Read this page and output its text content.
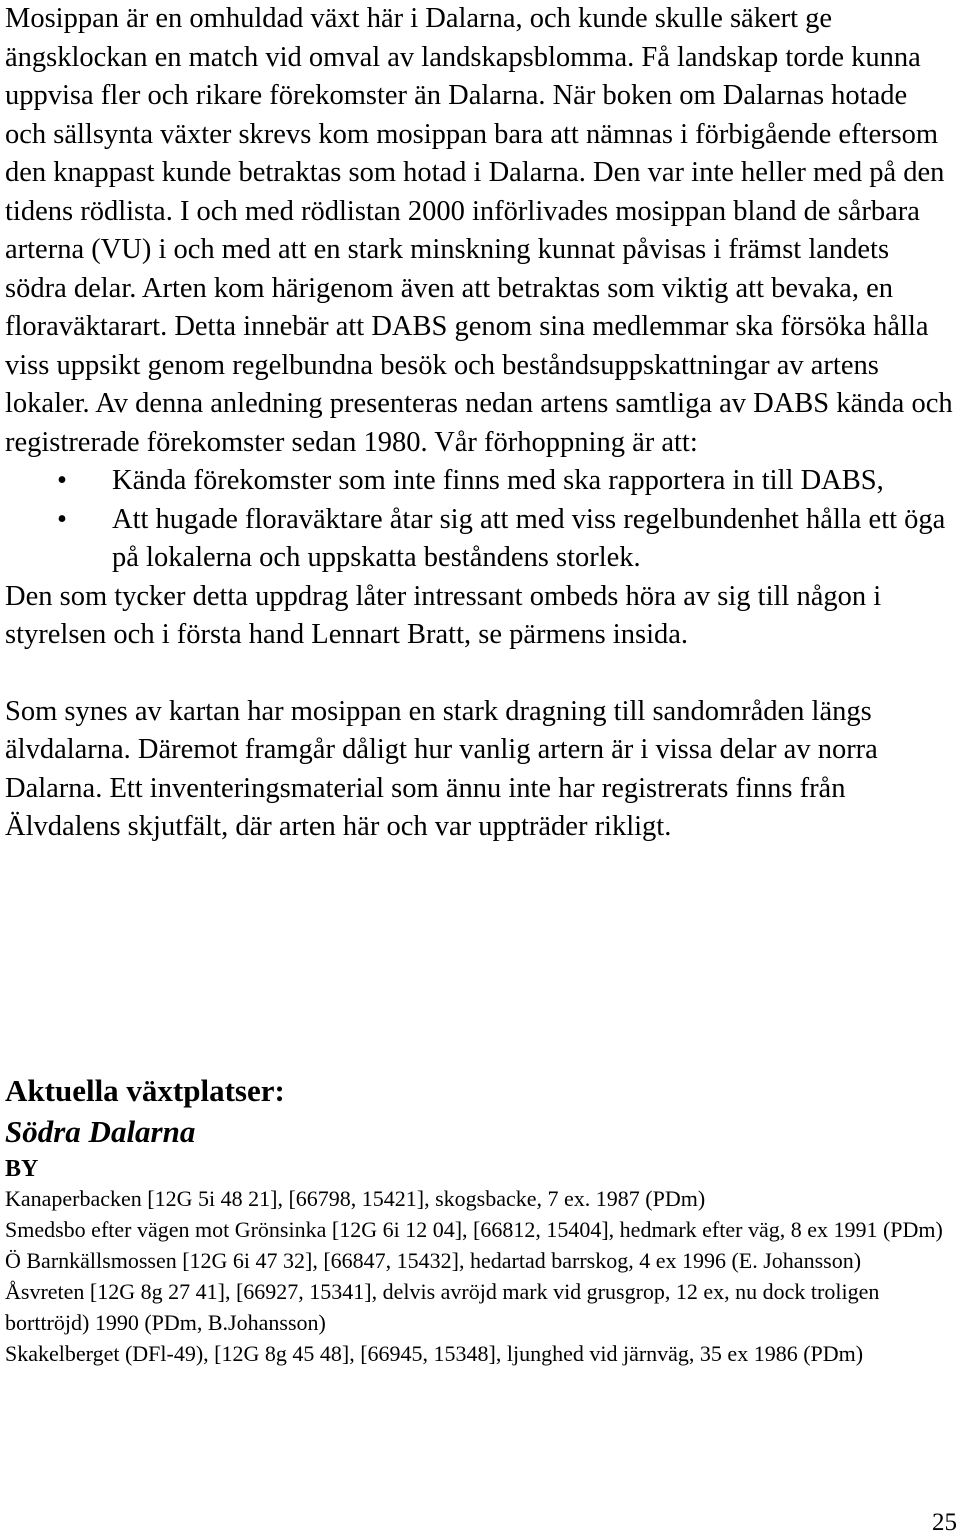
Mosippan är en omhuldad växt här i Dalarna, och kunde skulle säkert ge ängsklockan en match vid omval av landskapsblomma. Få landskap torde kunna uppvisa fler och rikare förekomster än Dalarna. När boken om Dalarnas hotade och sällsynta växter skrevs kom mosippan bara att nämnas i förbigående eftersom den knappast kunde betraktas som hotad i Dalarna. Den var inte heller med på den tidens rödlista. I och med rödlistan 2000 införlivades mosippan bland de sårbara arterna (VU) i och med att en stark minskning kunnat påvisas i främst landets södra delar. Arten kom härigenom även att betraktas som viktig att bevaka, en floraväktarart. Detta innebär att DABS genom sina medlemmar ska försöka hålla viss uppsikt genom regelbundna besök och beståndsuppskattningar av artens lokaler. Av denna anledning presenteras nedan artens samtliga av DABS kända och registrerade förekomster sedan 1980. Vår förhoppning är att:

• Kända förekomster som inte finns med ska rapportera in till DABS,
• Att hugade floraväktare åtar sig att med viss regelbundenhet hålla ett öga på lokalerna och uppskatta beståndens storlek.

Den som tycker detta uppdrag låter intressant ombeds höra av sig till någon i styrelsen och i första hand Lennart Bratt, se pärmens insida.

Som synes av kartan har mosippan en stark dragning till sandområden längs älvdalarna. Däremot framgår dåligt hur vanlig artern är i vissa delar av norra Dalarna. Ett inventeringsmaterial som ännu inte har registrerats finns från Älvdalens skjutfält, där arten här och var uppträder rikligt.

Aktuella växtplatser:
Södra Dalarna
BY

Kanaperbacken [12G 5i 48 21], [66798, 15421], skogsbacke, 7 ex. 1987 (PDm)

Smedsbo efter vägen mot Grönsinka [12G 6i 12 04], [66812, 15404], hedmark efter väg, 8 ex 1991 (PDm)

Ö Barnkällsmossen [12G 6i 47 32], [66847, 15432], hedartad barrskog, 4 ex 1996 (E. Johansson)

Åsvreten [12G 8g 27 41], [66927, 15341], delvis avröjd mark vid grusgrop, 12 ex, nu dock troligen borttröjd) 1990 (PDm, B.Johansson)

Skakelberget (DFl-49), [12G 8g 45 48], [66945, 15348], ljunghed vid järnväg, 35 ex 1986 (PDm)

25
